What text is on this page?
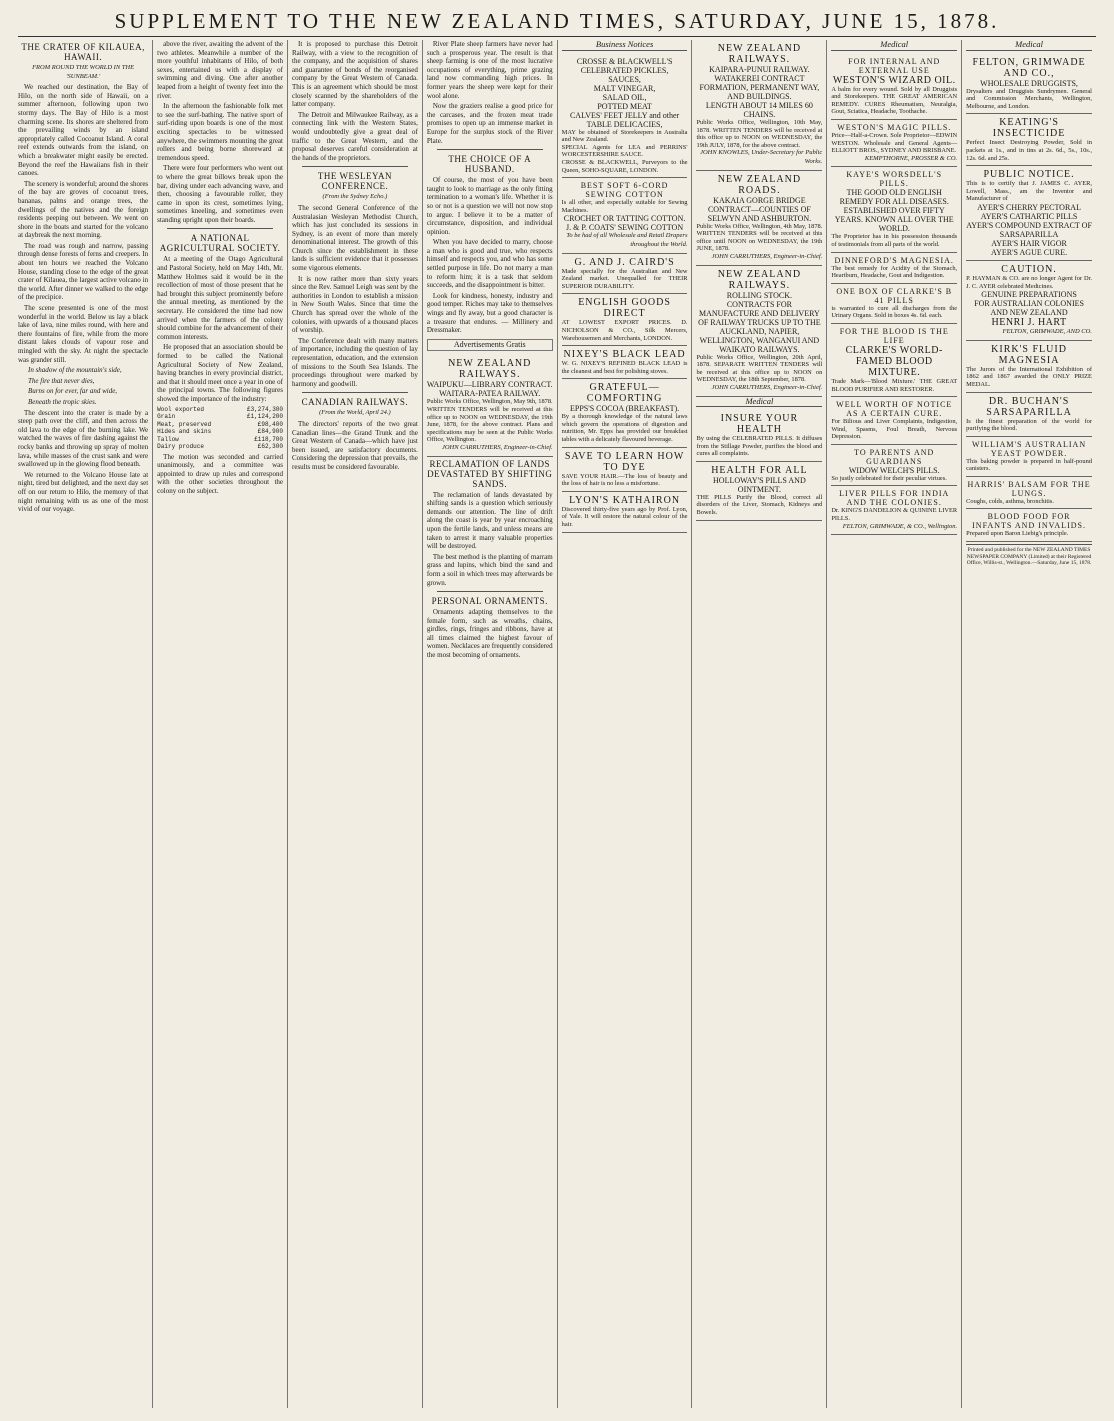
SUPPLEMENT TO THE NEW ZEALAND TIMES, SATURDAY, JUNE 15, 1878.
THE CRATER OF KILAUEA, HAWAII.
FROM ROUND THE WORLD IN THE 'SUNBEAM.'

We reached our destination, the Bay of Hilo, on the north side of Hawaii, on a summer afternoon, following upon two stormy days. The Bay of Hilo is a most charming scene. Its shores are sheltered from the prevailing winds by an island appropriately called Cocoanut Island. A coral reef extends outwards from the island, on which a breakwater might easily be erected. Beyond the reef the Hawaiians fish in their canoes.

The scenery is wonderful; around the shores of the bay are groves of cocoanut trees, bananas, palms and orange trees, the dwellings of the natives and the foreign residents peeping out between. We went on shore in the boats and started for the volcano at daybreak the next morning.

The road was rough and narrow, passing through dense forests of ferns and creepers. In about ten hours we reached the Volcano House, standing close to the edge of the great crater of Kilauea, the largest active volcano in the world. After dinner we walked to the edge of the precipice.

The scene presented is one of the most wonderful in the world. Below us lay a black lake of lava, nine miles round, with here and there fountains of fire, while from the more distant lakes clouds of vapour rose and mingled with the sky. At night the spectacle was grander still.

In shadow of the mountain's side,

The fire that never dies,

Burns on for ever, far and wide,

Beneath the tropic skies.

The descent into the crater is made by a steep path over the cliff, and then across the old lava to the edge of the burning lake. We watched the waves of fire dashing against the rocky banks and throwing up spray of molten lava, while masses of the crust sank and were swallowed up in the glowing flood beneath.

We returned to the Volcano House late at night, tired but delighted, and the next day set off on our return to Hilo, the memory of that night remaining with us as one of the most vivid of our voyage.

above the river, awaiting the advent of the two athletes. Meanwhile a number of the more youthful inhabitants of Hilo, of both sexes, entertained us with a display of swimming and diving. One after another leaped from a height of twenty feet into the river.

In the afternoon the fashionable folk met to see the surf-bathing. The native sport of surf-riding upon boards is one of the most exciting spectacles to be witnessed anywhere, the swimmers mounting the great rollers and being borne shoreward at tremendous speed.

There were four performers who went out to where the great billows break upon the bar, diving under each advancing wave, and then, choosing a favourable roller, they came in upon its crest, sometimes lying, sometimes kneeling, and sometimes even standing upright upon their boards.

A NATIONAL AGRICULTURAL SOCIETY.

At a meeting of the Otago Agricultural and Pastoral Society, held on May 14th, Mr. Matthew Holmes said it would be in the recollection of most of those present that he had brought this subject prominently before the annual meeting, as mentioned by the secretary. He considered the time had now arrived when the farmers of the colony should combine for the advancement of their common interests.

He proposed that an association should be formed to be called the National Agricultural Society of New Zealand, having branches in every provincial district, and that it should meet once a year in one of the principal towns. The following figures showed the importance of the industry:

Wool exported	£3,274,300
Grain	£1,124,200
Meat, preserved	£98,400
Hides and skins	£84,900
Tallow	£118,700
Dairy produce	£62,300

The motion was seconded and carried unanimously, and a committee was appointed to draw up rules and correspond with the other societies throughout the colony on the subject.

It is proposed to purchase this Detroit Railway, with a view to the recognition of the company, and the acquisition of shares and guarantee of bonds of the reorganised company by the Great Western of Canada. This is an agreement which should be most closely scanned by the shareholders of the latter company.

The Detroit and Milwaukee Railway, as a connecting link with the Western States, would undoubtedly give a great deal of traffic to the Great Western, and the proposal deserves careful consideration at the hands of the proprietors.

THE WESLEYAN CONFERENCE.
(From the Sydney Echo.)

The second General Conference of the Australasian Wesleyan Methodist Church, which has just concluded its sessions in Sydney, is an event of more than merely denominational interest. The growth of this Church since the establishment in these lands is sufficient evidence that it possesses some vigorous elements.

It is now rather more than sixty years since the Rev. Samuel Leigh was sent by the authorities in London to establish a mission in New South Wales. Since that time the Church has spread over the whole of the colonies, with upwards of a thousand places of worship.

The Conference dealt with many matters of importance, including the question of lay representation, education, and the extension of missions to the South Sea Islands. The proceedings throughout were marked by harmony and goodwill.

CANADIAN RAILWAYS.
(From the World, April 24.)

The directors' reports of the two great Canadian lines—the Grand Trunk and the Great Western of Canada—which have just been issued, are satisfactory documents. Considering the depression that prevails, the results must be considered favourable.

River Plate sheep farmers have never had such a prosperous year. The result is that sheep farming is one of the most lucrative occupations of everything, prime grazing land now commanding high prices. In former years the sheep were kept for their wool alone.

Now the graziers realise a good price for the carcases, and the frozen meat trade promises to open up an immense market in Europe for the surplus stock of the River Plate.

THE CHOICE OF A HUSBAND.

Of course, the most of you have been taught to look to marriage as the only fitting termination to a woman's life. Whether it is so or not is a question we will not now stop to argue. I believe it to be a matter of circumstance, disposition, and individual opinion.

When you have decided to marry, choose a man who is good and true, who respects himself and respects you, and who has some settled purpose in life. Do not marry a man to reform him; it is a task that seldom succeeds, and the disappointment is bitter.

Look for kindness, honesty, industry and good temper. Riches may take to themselves wings and fly away, but a good character is a treasure that endures. — Millinery and Dressmaker.

Advertisements Gratis
NEW ZEALAND RAILWAYS.
WAIPUKU—LIBRARY CONTRACT.
WAITARA-PATEA RAILWAY.
Public Works Office, Wellington, May 9th, 1878. WRITTEN TENDERS will be received at this office up to NOON on WEDNESDAY, the 19th June, 1878, for the above contract. Plans and specifications may be seen at the Public Works Office, Wellington.
JOHN CARRUTHERS, Engineer-in-Chief.
RECLAMATION OF LANDS DEVASTATED BY SHIFTING SANDS.

The reclamation of lands devastated by shifting sands is a question which seriously demands our attention. The line of drift along the coast is year by year encroaching upon the fertile lands, and unless means are taken to arrest it many valuable properties will be destroyed.

The best method is the planting of marram grass and lupins, which bind the sand and form a soil in which trees may afterwards be grown.

PERSONAL ORNAMENTS.

Ornaments adapting themselves to the female form, such as wreaths, chains, girdles, rings, fringes and ribbons, have at all times claimed the highest favour of women. Necklaces are frequently considered the most becoming of ornaments.

Business Notices
CROSSE & BLACKWELL'S CELEBRATED PICKLES,
SAUCES,
MALT VINEGAR,
SALAD OIL,
POTTED MEAT
CALVES' FEET JELLY and other TABLE DELICACIES,
MAY be obtained of Storekeepers in Australia and New Zealand.
SPECIAL Agents for LEA and PERRINS' WORCESTERSHIRE SAUCE.
CROSSE & BLACKWELL, Purveyors to the Queen, SOHO-SQUARE, LONDON.
BEST SOFT 6-CORD SEWING COTTON
Is all other, and especially suitable for Sewing Machines.
CROCHET OR TATTING COTTON.
J. & P. COATS' SEWING COTTON
To be had of all Wholesale and Retail Drapers throughout the World.
G. AND J. CAIRD'S
Made specially for the Australian and New Zealand market. Unequalled for THEIR SUPERIOR DURABILITY.
ENGLISH GOODS DIRECT
AT LOWEST EXPORT PRICES. D. NICHOLSON & CO., Silk Mercers, Warehousemen and Merchants, LONDON.
NIXEY'S BLACK LEAD
W. G. NIXEY'S REFINED BLACK LEAD is the cleanest and best for polishing stoves.
GRATEFUL—COMFORTING
EPPS'S COCOA (BREAKFAST).
By a thorough knowledge of the natural laws which govern the operations of digestion and nutrition, Mr. Epps has provided our breakfast tables with a delicately flavoured beverage.
SAVE TO LEARN HOW TO DYE
SAVE YOUR HAIR.—The loss of beauty and the loss of hair is no less a misfortune.
LYON'S KATHAIRON
Discovered thirty-five years ago by Prof. Lyon, of Yale. It will restore the natural colour of the hair.
NEW ZEALAND RAILWAYS.
KAIPARA-PUNUI RAILWAY.
WATAKEREI CONTRACT FORMATION, PERMANENT WAY, AND BUILDINGS.
LENGTH ABOUT 14 MILES 60 CHAINS.
Public Works Office, Wellington, 10th May, 1878. WRITTEN TENDERS will be received at this office up to NOON on WEDNESDAY, the 19th JULY, 1878, for the above contract.
JOHN KNOWLES, Under-Secretary for Public Works.
NEW ZEALAND ROADS.
KAKAIA GORGE BRIDGE CONTRACT—COUNTIES OF SELWYN AND ASHBURTON.
Public Works Office, Wellington, 4th May, 1878. WRITTEN TENDERS will be received at this office until NOON on WEDNESDAY, the 19th JUNE, 1878.
JOHN CARRUTHERS, Engineer-in-Chief.
NEW ZEALAND RAILWAYS.
ROLLING STOCK.
CONTRACTS FOR MANUFACTURE AND DELIVERY OF RAILWAY TRUCKS UP TO THE AUCKLAND, NAPIER, WELLINGTON, WANGANUI AND WAIKATO RAILWAYS.
Public Works Office, Wellington, 20th April, 1878. SEPARATE WRITTEN TENDERS will be received at this office up to NOON on WEDNESDAY, the 18th September, 1878.
JOHN CARRUTHERS, Engineer-in-Chief.
Medical
INSURE YOUR HEALTH
By using the CELEBRATED PILLS. It diffuses from the Stillage Powder, purifies the blood and cures all complaints.
HEALTH FOR ALL
HOLLOWAY'S PILLS AND OINTMENT.
THE PILLS Purify the Blood, correct all disorders of the Liver, Stomach, Kidneys and Bowels.
Medical
FOR INTERNAL AND EXTERNAL USE
WESTON'S WIZARD OIL.
A balm for every wound. Sold by all Druggists and Storekeepers. THE GREAT AMERICAN REMEDY. CURES Rheumatism, Neuralgia, Gout, Sciatica, Headache, Toothache.
WESTON'S MAGIC PILLS.
Price—Half-a-Crown. Sole Proprietor—EDWIN WESTON. Wholesale and General Agents—ELLIOTT BROS., SYDNEY AND BRISBANE.
KEMPTHORNE, PROSSER & CO.
KAYE'S WORSDELL'S PILLS.
THE GOOD OLD ENGLISH REMEDY FOR ALL DISEASES.
ESTABLISHED OVER FIFTY YEARS. KNOWN ALL OVER THE WORLD.
The Proprietor has in his possession thousands of testimonials from all parts of the world.
DINNEFORD'S MAGNESIA.
The best remedy for Acidity of the Stomach, Heartburn, Headache, Gout and Indigestion.
ONE BOX OF CLARKE'S B 41 PILLS
is warranted to cure all discharges from the Urinary Organs. Sold in boxes 4s. 6d. each.
FOR THE BLOOD IS THE LIFE
CLARKE'S WORLD-FAMED BLOOD MIXTURE.
Trade Mark—'Blood Mixture.' THE GREAT BLOOD PURIFIER AND RESTORER.
WELL WORTH OF NOTICE AS A CERTAIN CURE.
For Bilious and Liver Complaints, Indigestion, Wind, Spasms, Foul Breath, Nervous Depression.
TO PARENTS AND GUARDIANS
WIDOW WELCH'S PILLS.
So justly celebrated for their peculiar virtues.
LIVER PILLS FOR INDIA AND THE COLONIES.
Dr. KING'S DANDELION & QUININE LIVER PILLS.
FELTON, GRIMWADE, & CO., Wellington.
Medical
FELTON, GRIMWADE AND CO.,
WHOLESALE DRUGGISTS,
Drysalters and Druggists Sundrymen. General and Commission Merchants, Wellington, Melbourne, and London.
KEATING'S INSECTICIDE
Perfect Insect Destroying Powder, Sold in packets at 1s., and in tins at 2s. 6d., 5s., 10s., 12s. 6d. and 25s.
PUBLIC NOTICE.
This is to certify that J. JAMES C. AYER, Lowell, Mass., am the Inventor and Manufacturer of
AYER'S CHERRY PECTORAL
AYER'S CATHARTIC PILLS
AYER'S COMPOUND EXTRACT OF SARSAPARILLA
AYER'S HAIR VIGOR
AYER'S AGUE CURE.
CAUTION.
P. HAYMAN & CO. are no longer Agent for Dr. J. C. AYER celebrated Medicines.
GENUINE PREPARATIONS
FOR AUSTRALIAN COLONIES AND NEW ZEALAND
HENRI J. HART
FELTON, GRIMWADE, AND CO.
KIRK'S FLUID MAGNESIA
The Jurors of the International Exhibition of 1862 and 1867 awarded the ONLY PRIZE MEDAL.
DR. BUCHAN'S SARSAPARILLA
Is the finest preparation of the world for purifying the blood.
WILLIAM'S AUSTRALIAN YEAST POWDER.
This baking powder is prepared in half-pound canisters.
HARRIS' BALSAM FOR THE LUNGS.
Coughs, colds, asthma, bronchitis.
BLOOD FOOD FOR INFANTS AND INVALIDS.
Prepared upon Baron Liebig's principle.
Printed and published for the NEW ZEALAND TIMES NEWSPAPER COMPANY (Limited) at their Registered Office, Willis-st., Wellington.—Saturday, June 15, 1878.
